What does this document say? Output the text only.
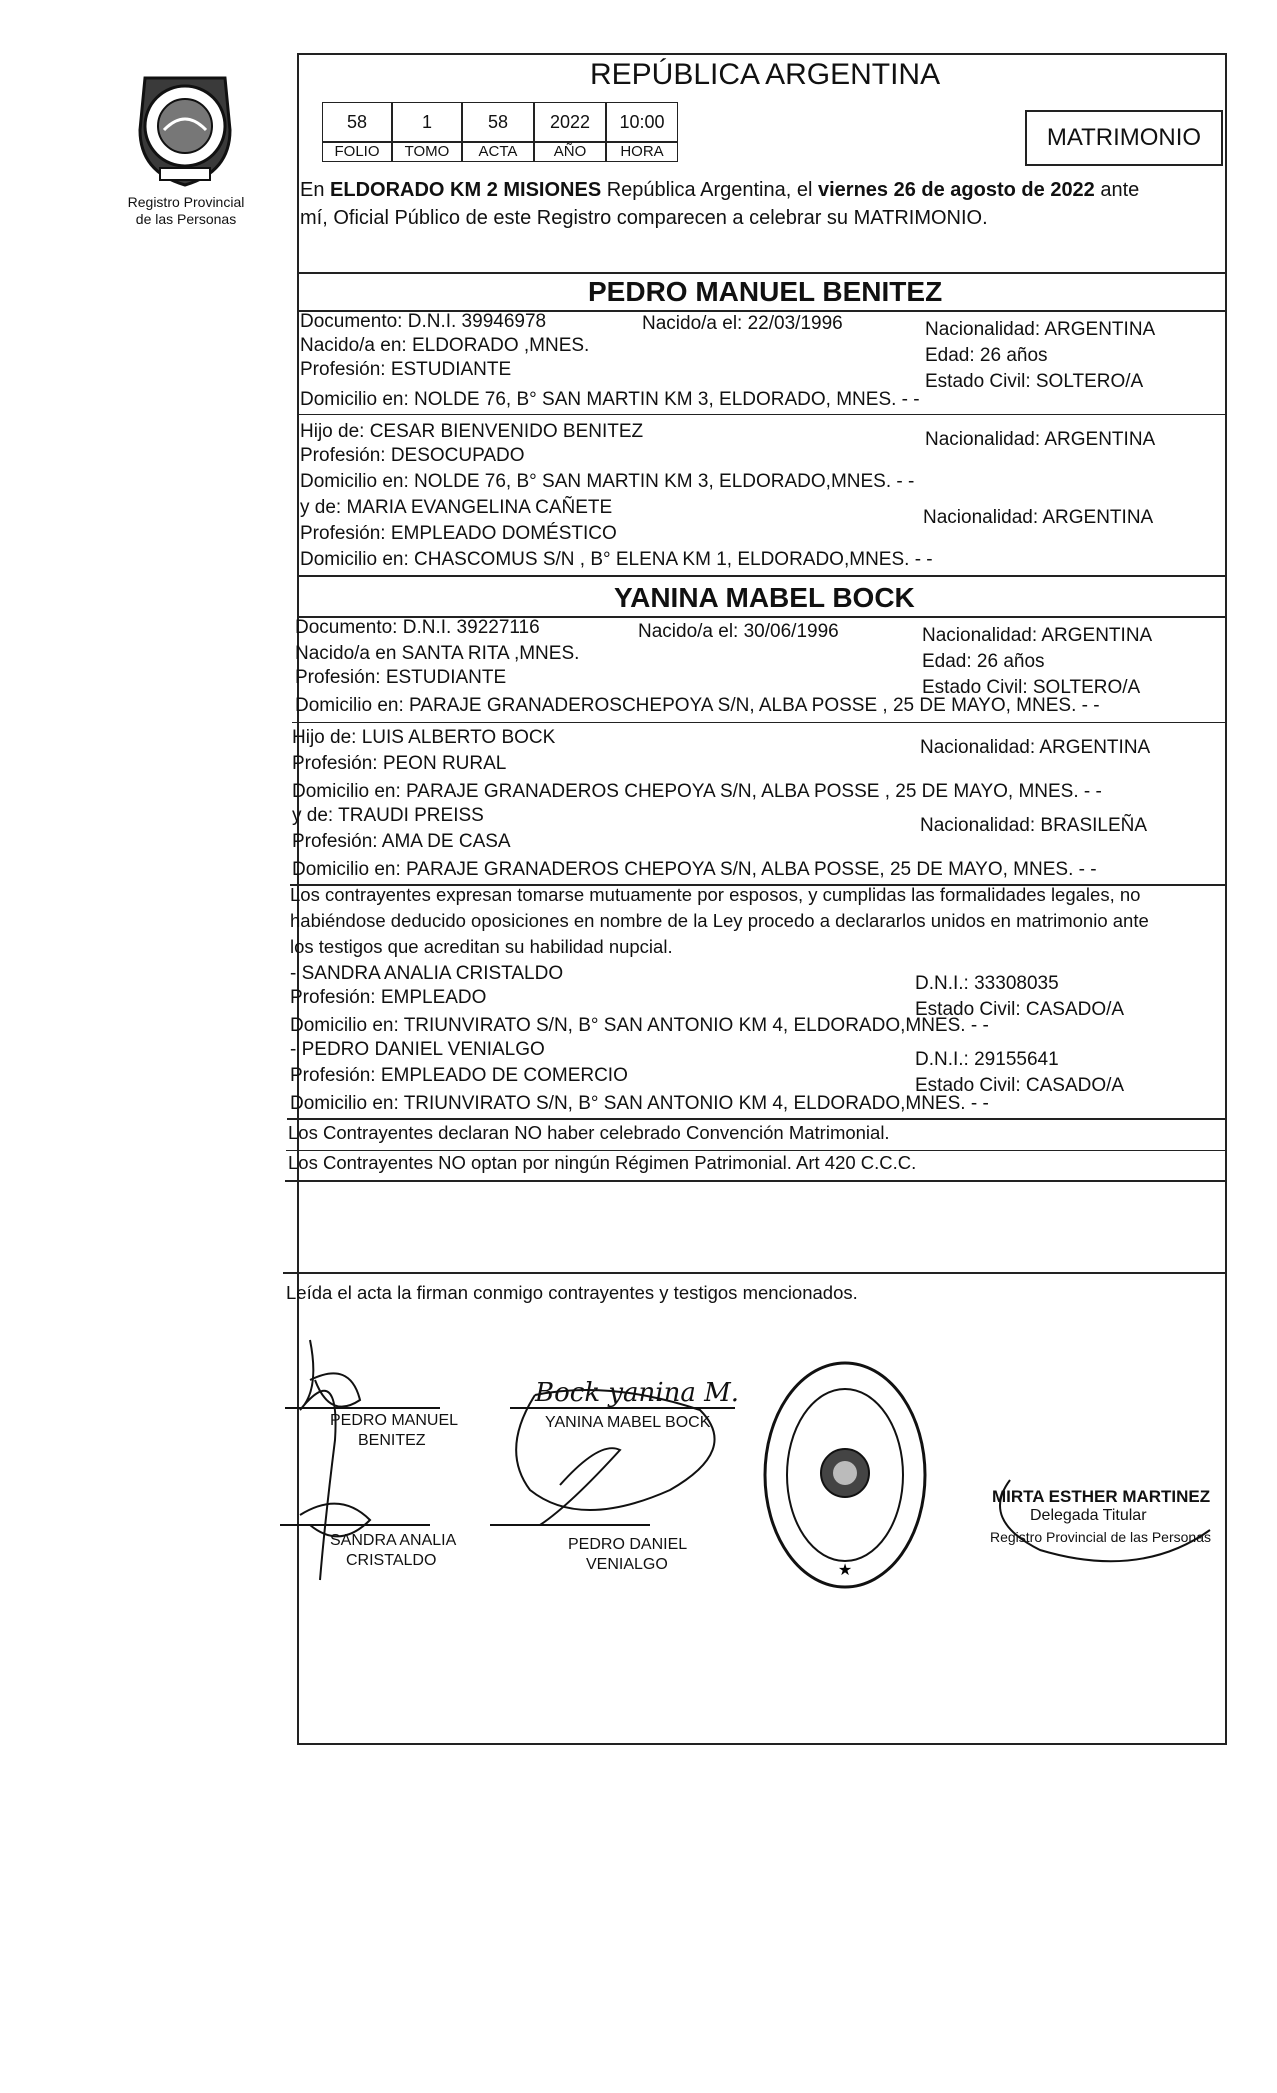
Registro Provincial
de las Personas
REPÚBLICA ARGENTINA
58	1	58	2022	10:00
FOLIO	TOMO	ACTA	AÑO	HORA
MATRIMONIO
En ELDORADO KM 2 MISIONES República Argentina, el viernes 26 de agosto de 2022 ante
mí, Oficial Público de este Registro comparecen a celebrar su MATRIMONIO.
PEDRO MANUEL BENITEZ
Documento: D.N.I. 39946978	Nacido/a el: 22/03/1996	Nacionalidad: ARGENTINA
Nacido/a en: ELDORADO ,MNES.	Edad: 26 años
Profesión: ESTUDIANTE
Estado Civil: SOLTERO/A
Domicilio en: NOLDE 76, B° SAN MARTIN KM 3, ELDORADO, MNES. - -
Hijo de: CESAR BIENVENIDO BENITEZ	Nacionalidad: ARGENTINA
Profesión: DESOCUPADO
Domicilio en: NOLDE 76, B° SAN MARTIN KM 3, ELDORADO,MNES. - -
y de: MARIA EVANGELINA CAÑETE	Nacionalidad: ARGENTINA
Profesión: EMPLEADO DOMÉSTICO
Domicilio en: CHASCOMUS S/N , B° ELENA KM 1, ELDORADO,MNES. - -
YANINA MABEL BOCK
Documento: D.N.I. 39227116	Nacido/a el: 30/06/1996	Nacionalidad: ARGENTINA
Nacido/a en SANTA RITA ,MNES.	Edad: 26 años
Profesión: ESTUDIANTE	Estado Civil: SOLTERO/A
Domicilio en: PARAJE GRANADEROSCHEPOYA S/N, ALBA POSSE , 25 DE MAYO, MNES. - -
Hijo de: LUIS ALBERTO BOCK	Nacionalidad: ARGENTINA
Profesión: PEON RURAL
Domicilio en: PARAJE GRANADEROS CHEPOYA S/N, ALBA POSSE , 25 DE MAYO, MNES. - -
y de: TRAUDI PREISS	Nacionalidad: BRASILEÑA
Profesión: AMA DE CASA
Domicilio en: PARAJE GRANADEROS CHEPOYA S/N, ALBA POSSE, 25 DE MAYO, MNES. - -
Los contrayentes expresan tomarse mutuamente por esposos, y cumplidas las formalidades legales, no
habiéndose deducido oposiciones en nombre de la Ley procedo a declararlos unidos en matrimonio ante
los testigos que acreditan su habilidad nupcial.
- SANDRA ANALIA CRISTALDO	D.N.I.: 33308035
Profesión: EMPLEADO
Estado Civil: CASADO/A
Domicilio en: TRIUNVIRATO S/N, B° SAN ANTONIO KM 4, ELDORADO,MNES. - -
- PEDRO DANIEL VENIALGO	D.N.I.: 29155641
Profesión: EMPLEADO DE COMERCIO	Estado Civil: CASADO/A
Domicilio en: TRIUNVIRATO S/N, B° SAN ANTONIO KM 4, ELDORADO,MNES. - -
Los Contrayentes declaran NO haber celebrado Convención Matrimonial.
Los Contrayentes NO optan por ningún Régimen Patrimonial. Art 420 C.C.C.
Leída el acta la firman conmigo contrayentes y testigos mencionados.
Bock yanina M.
PEDRO MANUEL
BENITEZ
YANINA MABEL BOCK
SANDRA ANALIA
CRISTALDO
PEDRO DANIEL
VENIALGO	★
MIRTA ESTHER MARTINEZ
Delegada Titular
Registro Provincial de las Personas
